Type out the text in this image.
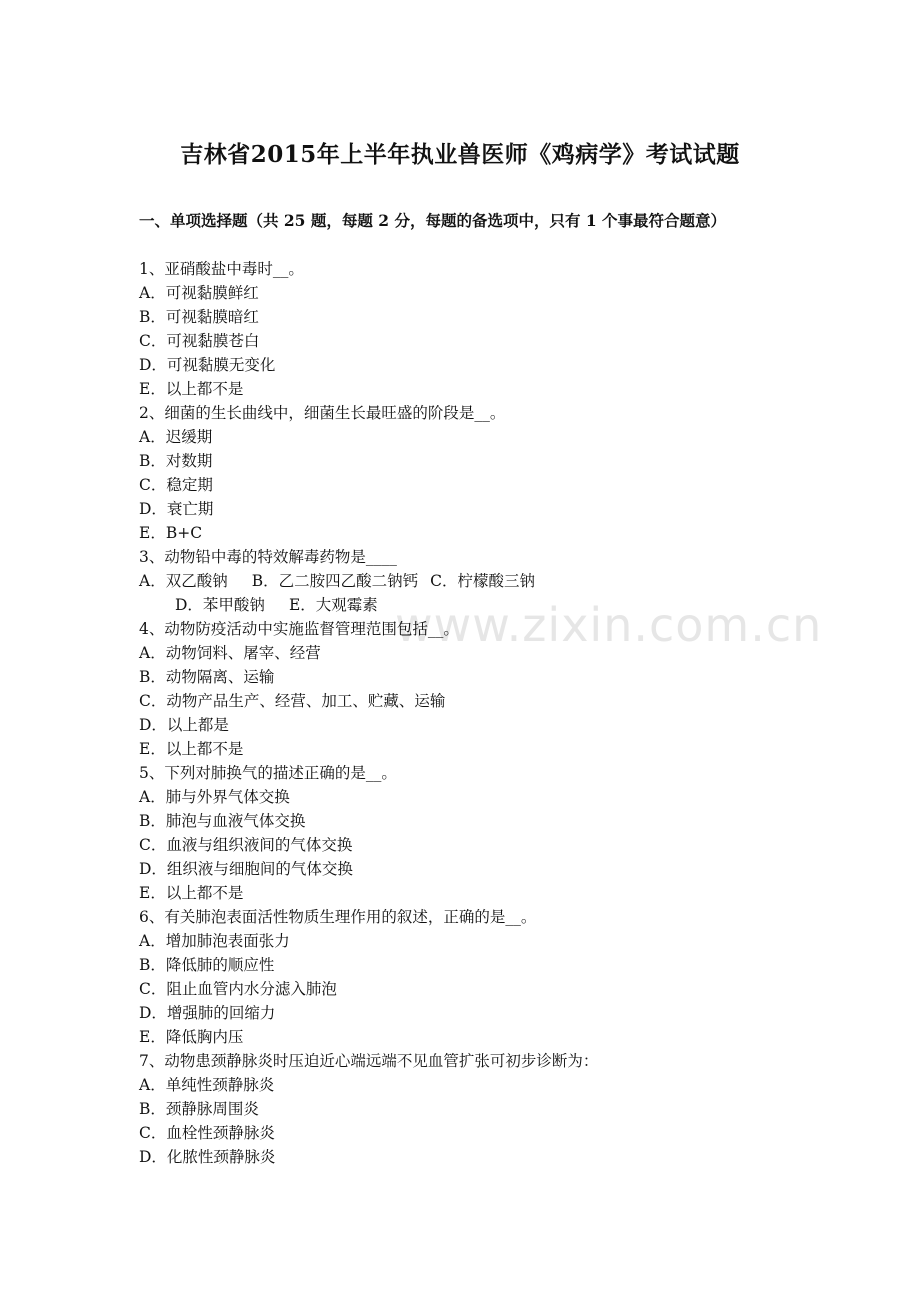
www.zixin.com.cn
吉林省2015年上半年执业兽医师《鸡病学》考试试题
一、单项选择题（共 25 题，每题 2 分，每题的备选项中，只有 1 个事最符合题意）
1、亚硝酸盐中毒时__。
A．可视黏膜鲜红
B．可视黏膜暗红
C．可视黏膜苍白
D．可视黏膜无变化
E．以上都不是
2、细菌的生长曲线中，细菌生长最旺盛的阶段是__。
A．迟缓期
B．对数期
C．稳定期
D．衰亡期
E．B+C
3、动物铅中毒的特效解毒药物是____
A．双乙酸钠 B．乙二胺四乙酸二钠钙 C．柠檬酸三钠
D．苯甲酸钠 E．大观霉素
4、动物防疫活动中实施监督管理范围包括__。
A．动物饲料、屠宰、经营
B．动物隔离、运输
C．动物产品生产、经营、加工、贮藏、运输
D．以上都是
E．以上都不是
5、下列对肺换气的描述正确的是__。
A．肺与外界气体交换
B．肺泡与血液气体交换
C．血液与组织液间的气体交换
D．组织液与细胞间的气体交换
E．以上都不是
6、有关肺泡表面活性物质生理作用的叙述，正确的是__。
A．增加肺泡表面张力
B．降低肺的顺应性
C．阻止血管内水分滤入肺泡
D．增强肺的回缩力
E．降低胸内压
7、动物患颈静脉炎时压迫近心端远端不见血管扩张可初步诊断为：
A．单纯性颈静脉炎
B．颈静脉周围炎
C．血栓性颈静脉炎
D．化脓性颈静脉炎
